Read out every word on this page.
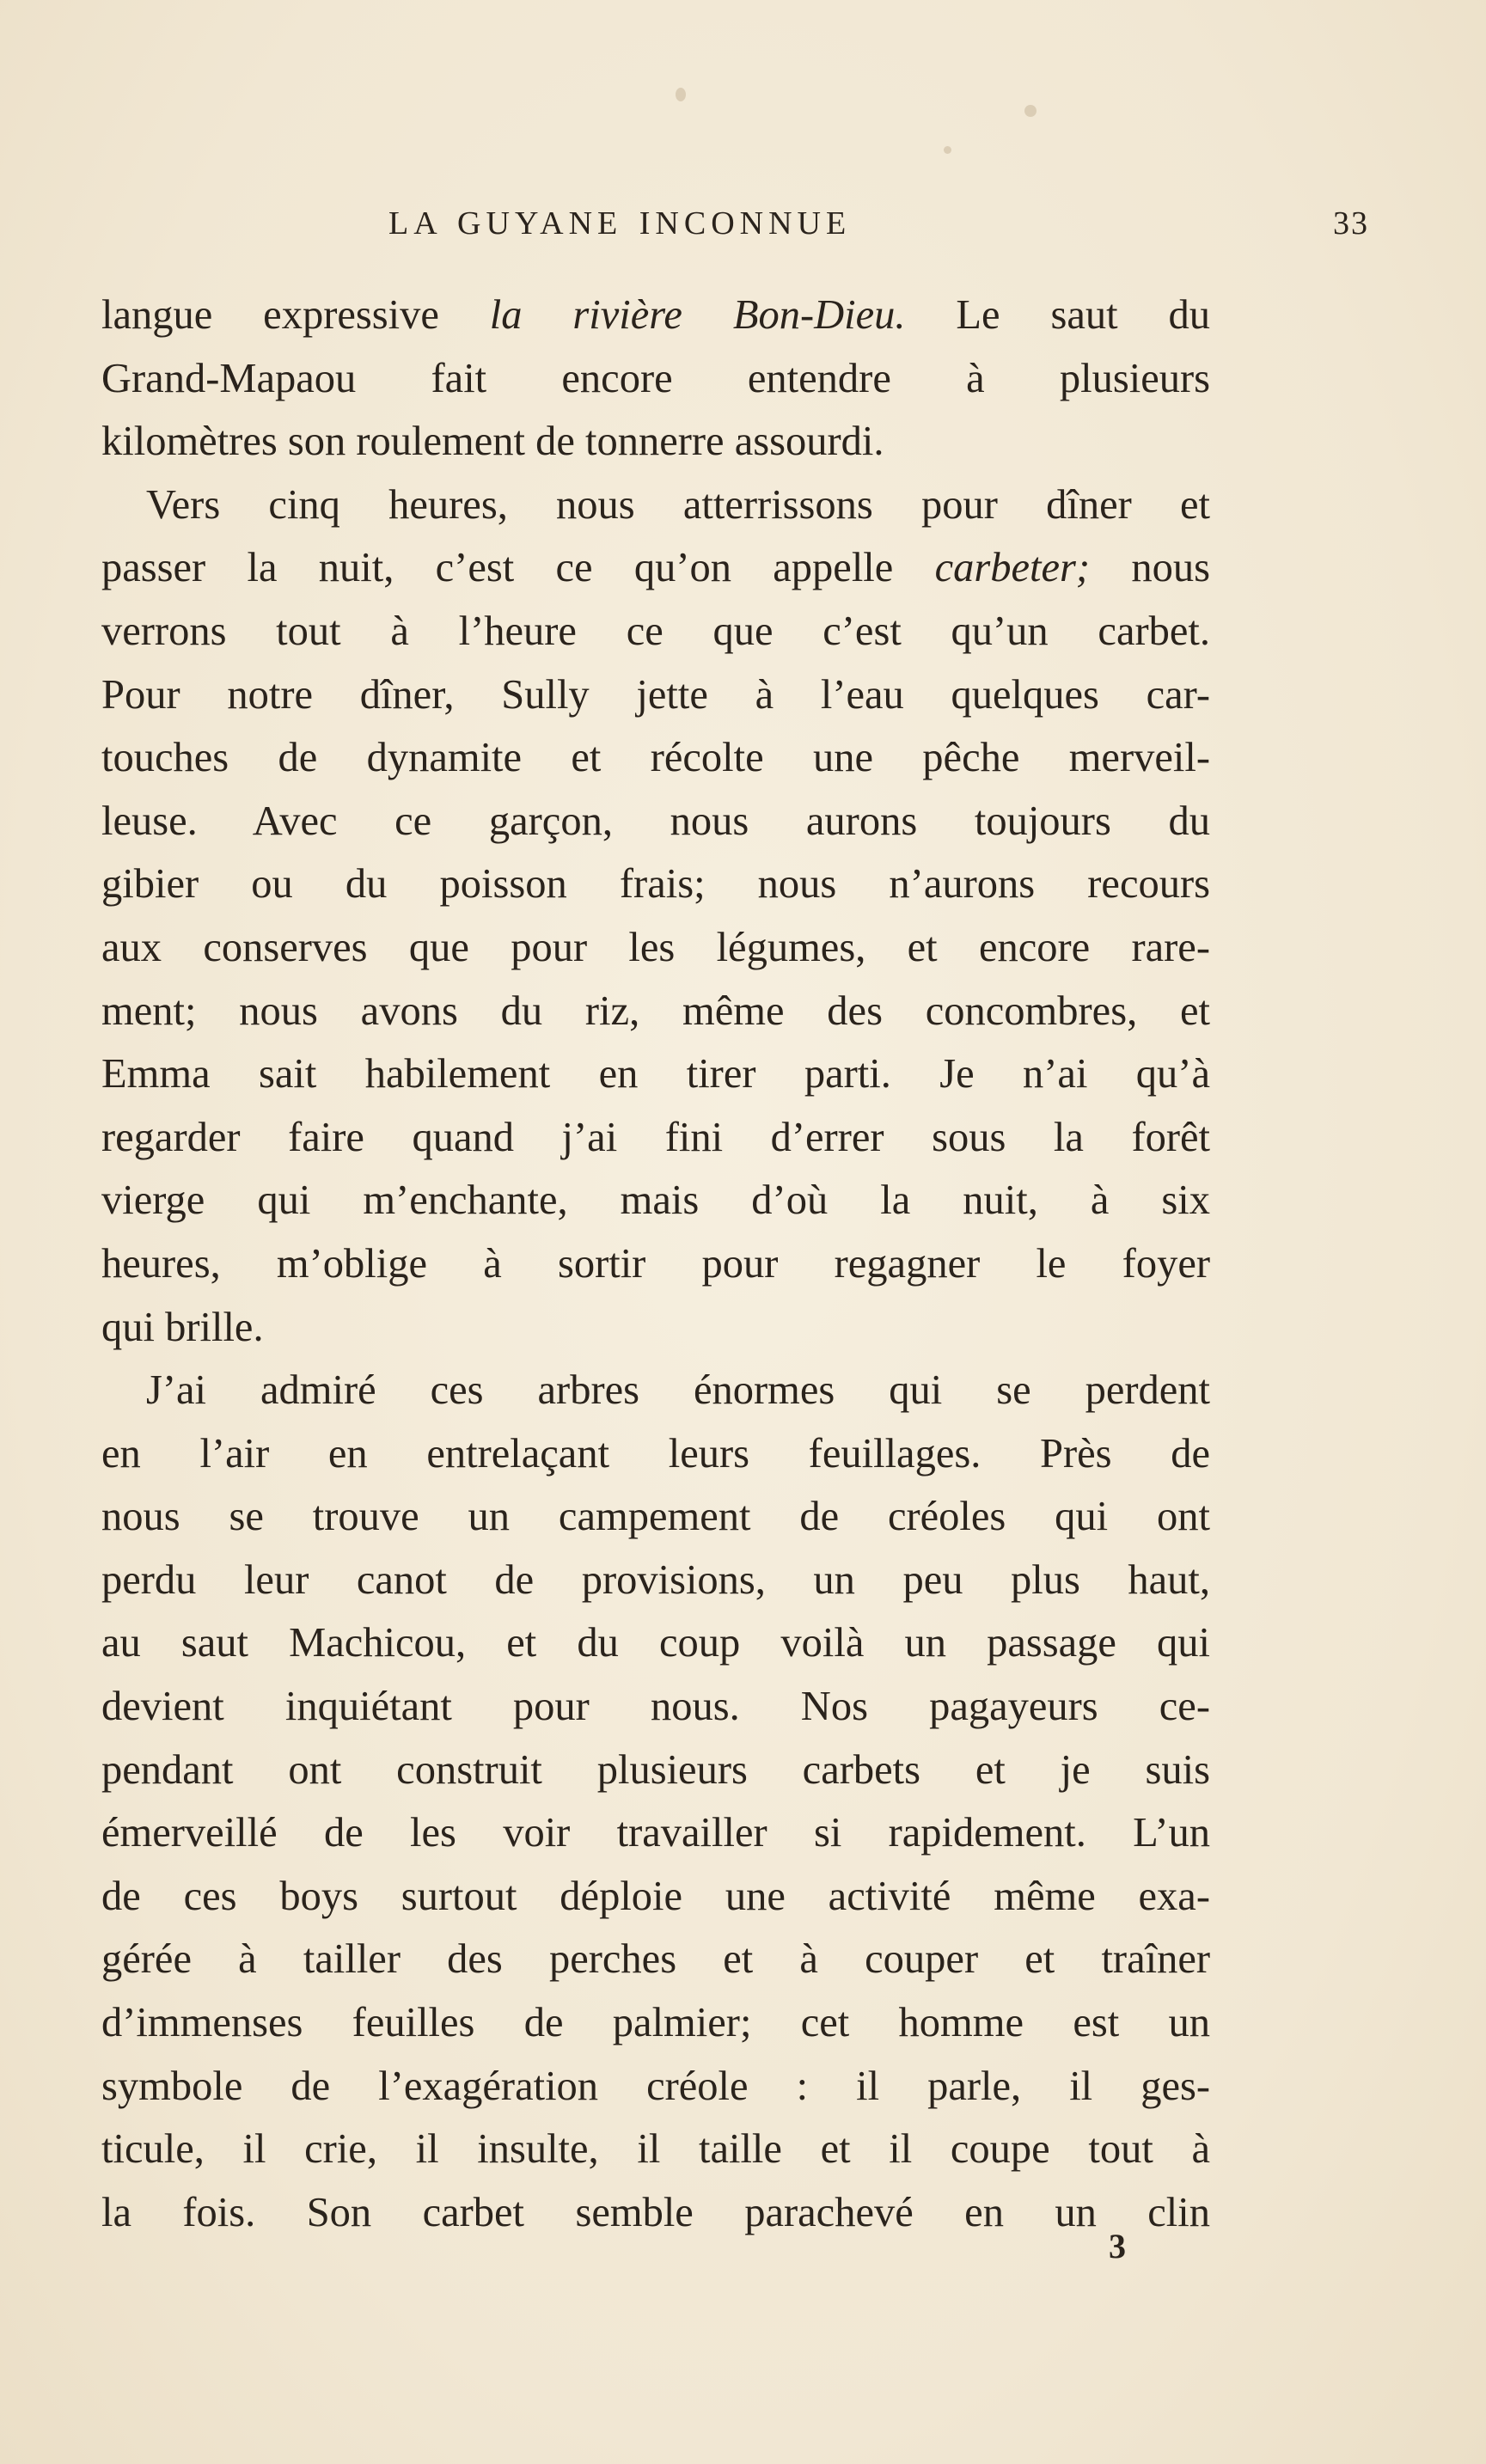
LA GUYANE INCONNUE	33
langue expressive la rivière Bon-Dieu. Le saut du
Grand-Mapaou fait encore entendre à plusieurs
kilomètres son roulement de tonnerre assourdi.
Vers cinq heures, nous atterrissons pour dîner et
passer la nuit, c’est ce qu’on appelle carbeter; nous
verrons tout à l’heure ce que c’est qu’un carbet.
Pour notre dîner, Sully jette à l’eau quelques car-
touches de dynamite et récolte une pêche merveil-
leuse. Avec ce garçon, nous aurons toujours du
gibier ou du poisson frais; nous n’aurons recours
aux conserves que pour les légumes, et encore rare-
ment; nous avons du riz, même des concombres, et
Emma sait habilement en tirer parti. Je n’ai qu’à
regarder faire quand j’ai fini d’errer sous la forêt
vierge qui m’enchante, mais d’où la nuit, à six
heures, m’oblige à sortir pour regagner le foyer
qui brille.
J’ai admiré ces arbres énormes qui se perdent
en l’air en entrelaçant leurs feuillages. Près de
nous se trouve un campement de créoles qui ont
perdu leur canot de provisions, un peu plus haut,
au saut Machicou, et du coup voilà un passage qui
devient inquiétant pour nous. Nos pagayeurs ce-
pendant ont construit plusieurs carbets et je suis
émerveillé de les voir travailler si rapidement. L’un
de ces boys surtout déploie une activité même exa-
gérée à tailler des perches et à couper et traîner
d’immenses feuilles de palmier; cet homme est un
symbole de l’exagération créole : il parle, il ges-
ticule, il crie, il insulte, il taille et il coupe tout à
la fois. Son carbet semble parachevé en un clin
3
